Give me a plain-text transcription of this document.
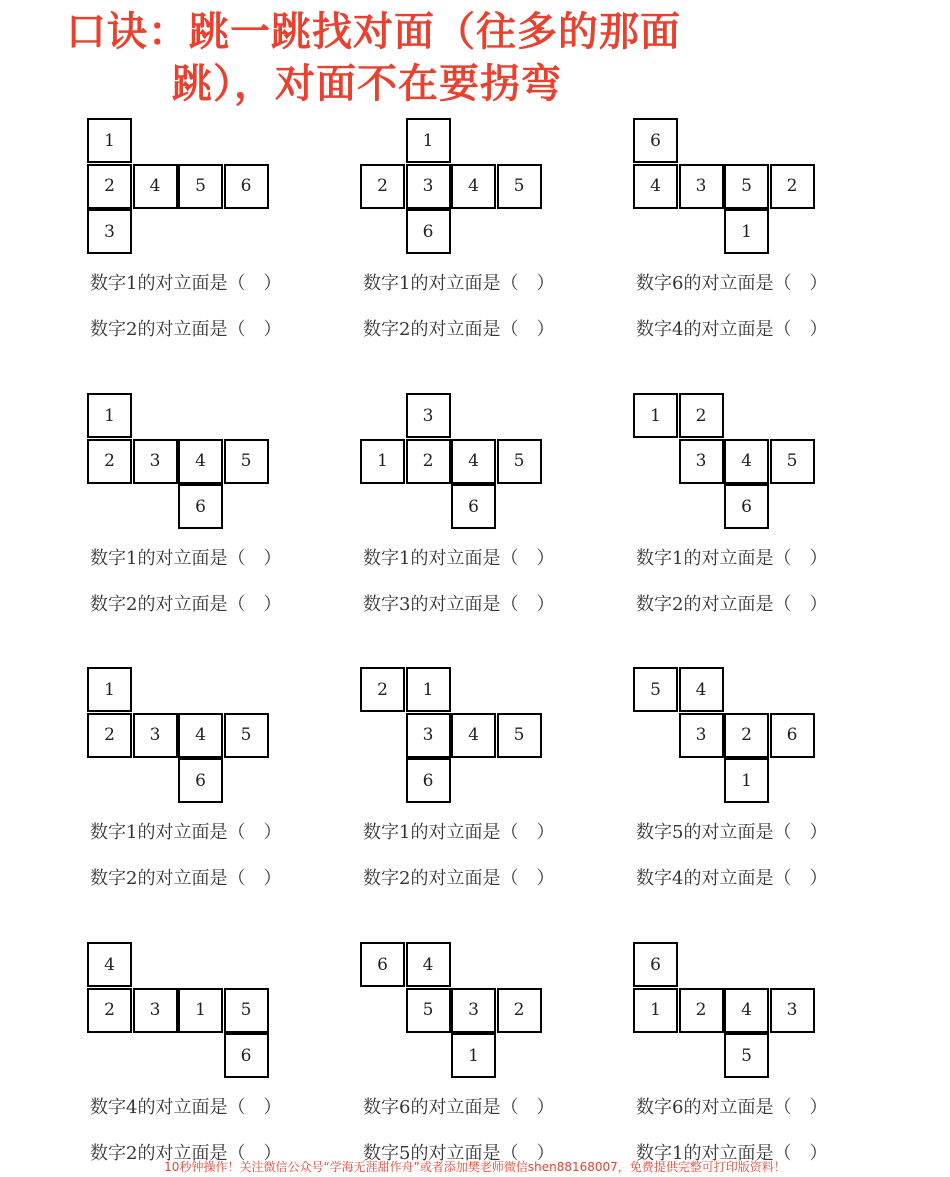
口诀：跳一跳找对面（往多的那面
跳），对面不在要拐弯
1
2	4	5	6
3
数字1的对立面是（　）
数字2的对立面是（　）
1
2	3	4	5
6
数字1的对立面是（　）
数字2的对立面是（　）
6
4	3	5	2
1
数字6的对立面是（　）
数字4的对立面是（　）
1
2	3	4	5
6
数字1的对立面是（　）
数字2的对立面是（　）
3
1	2	4	5
6
数字1的对立面是（　）
数字3的对立面是（　）
1	2
3	4	5
6
数字1的对立面是（　）
数字2的对立面是（　）
1
2	3	4	5
6
数字1的对立面是（　）
数字2的对立面是（　）
2	1
3	4	5
6
数字1的对立面是（　）
数字2的对立面是（　）
5	4
3	2	6
1
数字5的对立面是（　）
数字4的对立面是（　）
4
2	3	1	5
6
数字4的对立面是（　）
数字2的对立面是（　）
6	4
5	3	2
1
数字6的对立面是（　）
数字5的对立面是（　）
6
1	2	4	3
5
数字6的对立面是（　）
数字1的对立面是（　）
10秒钟操作！关注微信公众号“学海无涯甜作舟”或者添加樊老师微信shen88168007，免费提供完整可打印版资料！
